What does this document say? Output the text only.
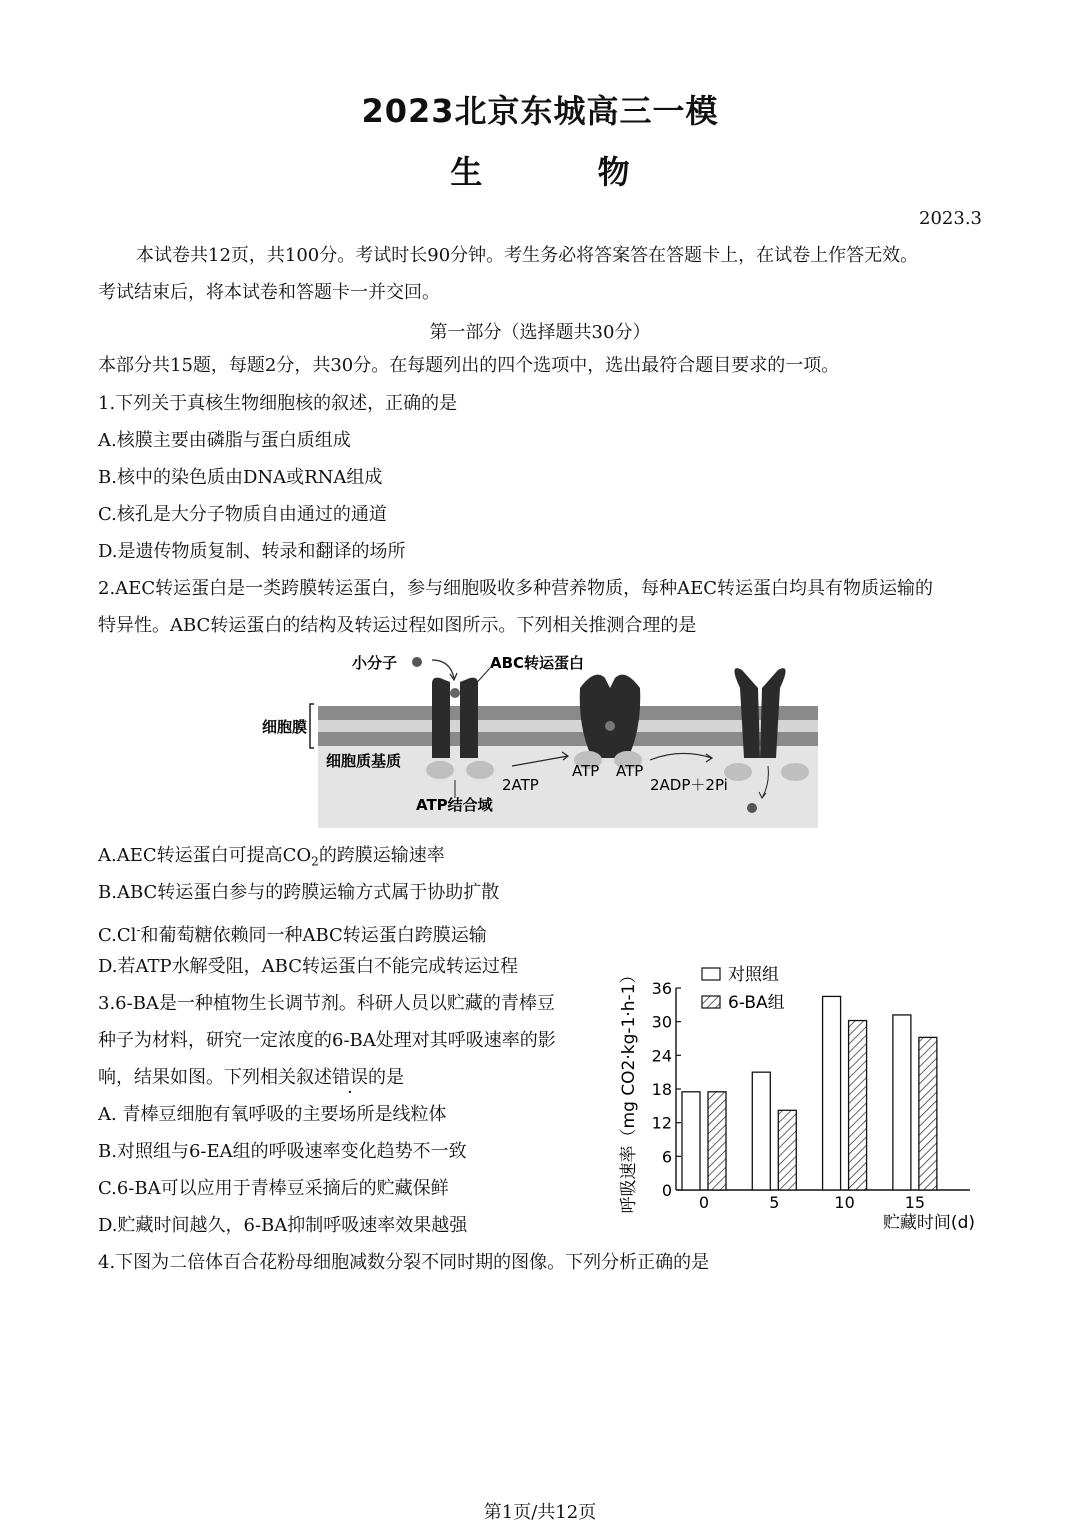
2023北京东城高三一模
生 物
2023.3
本试卷共12页，共100分。考试时长90分钟。考生务必将答案答在答题卡上，在试卷上作答无效。
考试结束后，将本试卷和答题卡一并交回。
第一部分（选择题共30分）
本部分共15题，每题2分，共30分。在每题列出的四个选项中，选出最符合题目要求的一项。
1.下列关于真核生物细胞核的叙述，正确的是
A.核膜主要由磷脂与蛋白质组成
B.核中的染色质由DNA或RNA组成
C.核孔是大分子物质自由通过的通道
D.是遗传物质复制、转录和翻译的场所
2.AEC转运蛋白是一类跨膜转运蛋白，参与细胞吸收多种营养物质，每种AEC转运蛋白均具有物质运输的
特异性。ABC转运蛋白的结构及转运过程如图所示。下列相关推测合理的是
小分子	ABC转运蛋白
细胞膜
细胞质基质
ATP结合域
2ATP
ATP ATP
2ADP＋2Pi
A.AEC转运蛋白可提高$CO_2$的跨膜运输速率
B.ABC转运蛋白参与的跨膜运输方式属于协助扩散
C.Cl-和葡萄糖依赖同一种ABC转运蛋白跨膜运输
D.若ATP水解受阻，ABC转运蛋白不能完成转运过程
3.6-BA是一种植物生长调节剂。科研人员以贮藏的青棒豆
种子为材料，研究一定浓度的6-BA处理对其呼吸速率的影
响，结果如图。下列相关叙述错误的是
A. 青棒豆细胞有氧呼吸的主要场所是线粒体
B.对照组与6-EA组的呼吸速率变化趋势不一致
C.6-BA可以应用于青棒豆采摘后的贮藏保鲜
D.贮藏时间越久，6-BA抑制呼吸速率效果越强
0
6
12
18
24
30
36
0	5	10	15
对照组
6-BA组
呼吸速率（mg CO2·kg-1·h-1）
贮藏时间(d)
4.下图为二倍体百合花粉母细胞减数分裂不同时期的图像。下列分析正确的是
第1页/共12页
